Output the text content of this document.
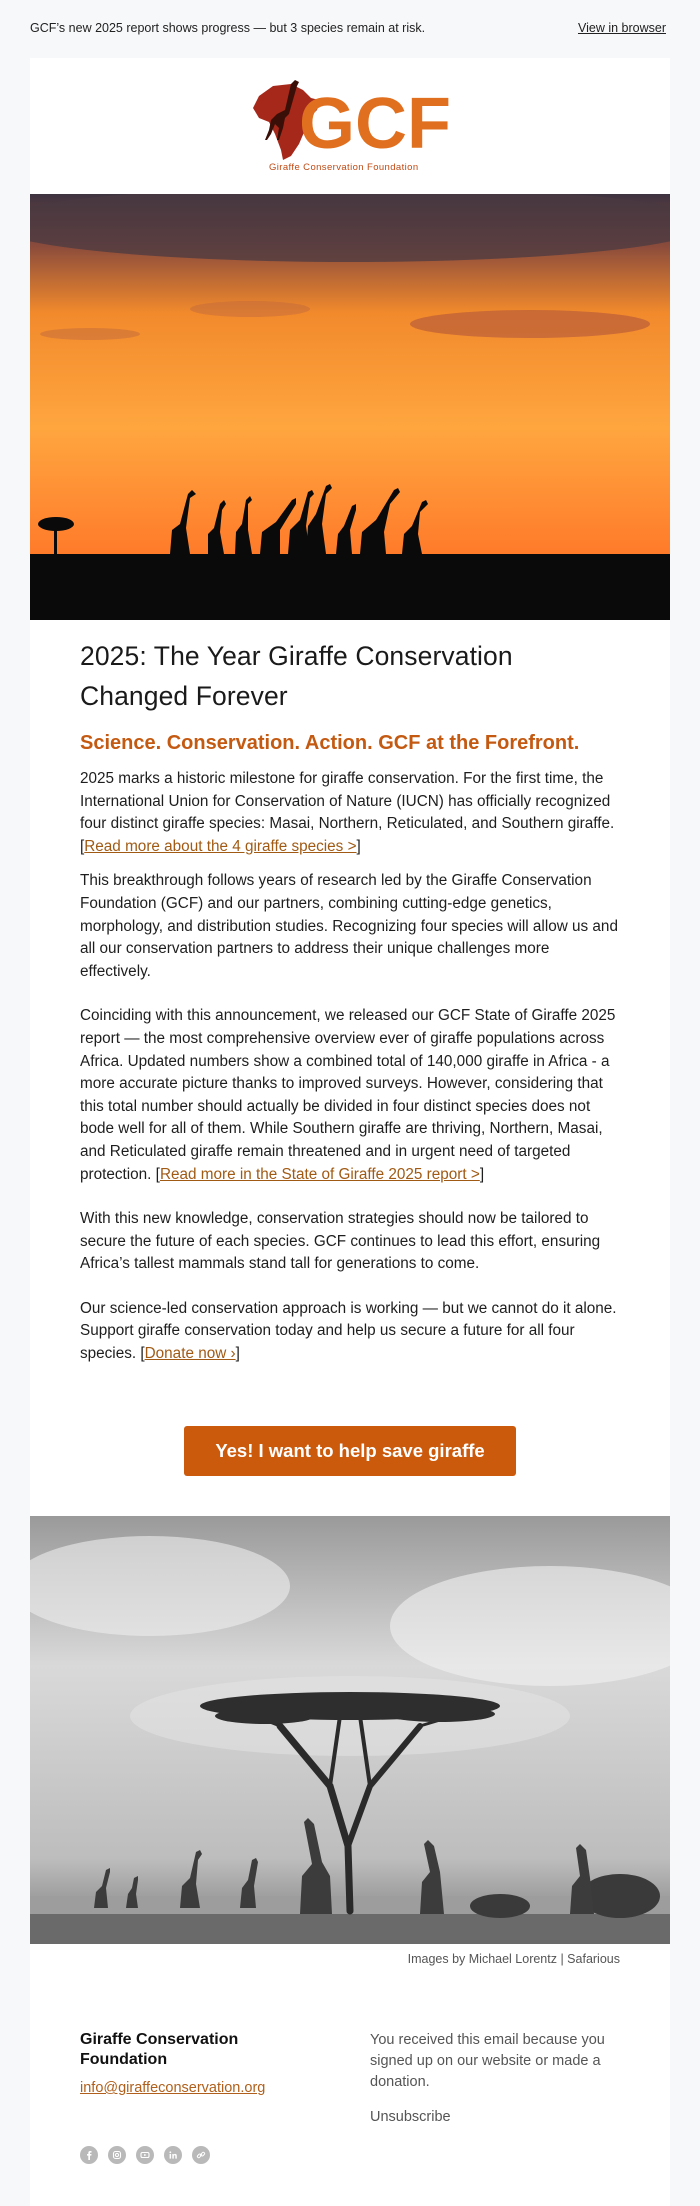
GCF’s new 2025 report shows progress — but 3 species remain at risk.	View in browser
GCF
Giraffe Conservation Foundation
2025: The Year Giraffe Conservation Changed Forever
Science. Conservation. Action. GCF at the Forefront.

2025 marks a historic milestone for giraffe conservation. For the first time, the International Union for Conservation of Nature (IUCN) has officially recognized four distinct giraffe species: Masai, Northern, Reticulated, and Southern giraffe. [Read more about the 4 giraffe species >]

This breakthrough follows years of research led by the Giraffe Conservation Foundation (GCF) and our partners, combining cutting-edge genetics, morphology, and distribution studies. Recognizing four species will allow us and all our conservation partners to address their unique challenges more effectively.

Coinciding with this announcement, we released our GCF State of Giraffe 2025 report — the most comprehensive overview ever of giraffe populations across Africa. Updated numbers show a combined total of 140,000 giraffe in Africa - a more accurate picture thanks to improved surveys. However, considering that this total number should actually be divided in four distinct species does not bode well for all of them. While Southern giraffe are thriving, Northern, Masai, and Reticulated giraffe remain threatened and in urgent need of targeted protection. [Read more in the State of Giraffe 2025 report >]

With this new knowledge, conservation strategies should now be tailored to secure the future of each species. GCF continues to lead this effort, ensuring Africa’s tallest mammals stand tall for generations to come.

Our science-led conservation approach is working — but we cannot do it alone. Support giraffe conservation today and help us secure a future for all four species. [Donate now ›]

Yes! I want to help save giraffe
Images by Michael Lorentz | Safarious
Giraffe Conservation Foundation
info@giraffeconservation.org
You received this email because you signed up on our website or made a donation.
Unsubscribe
